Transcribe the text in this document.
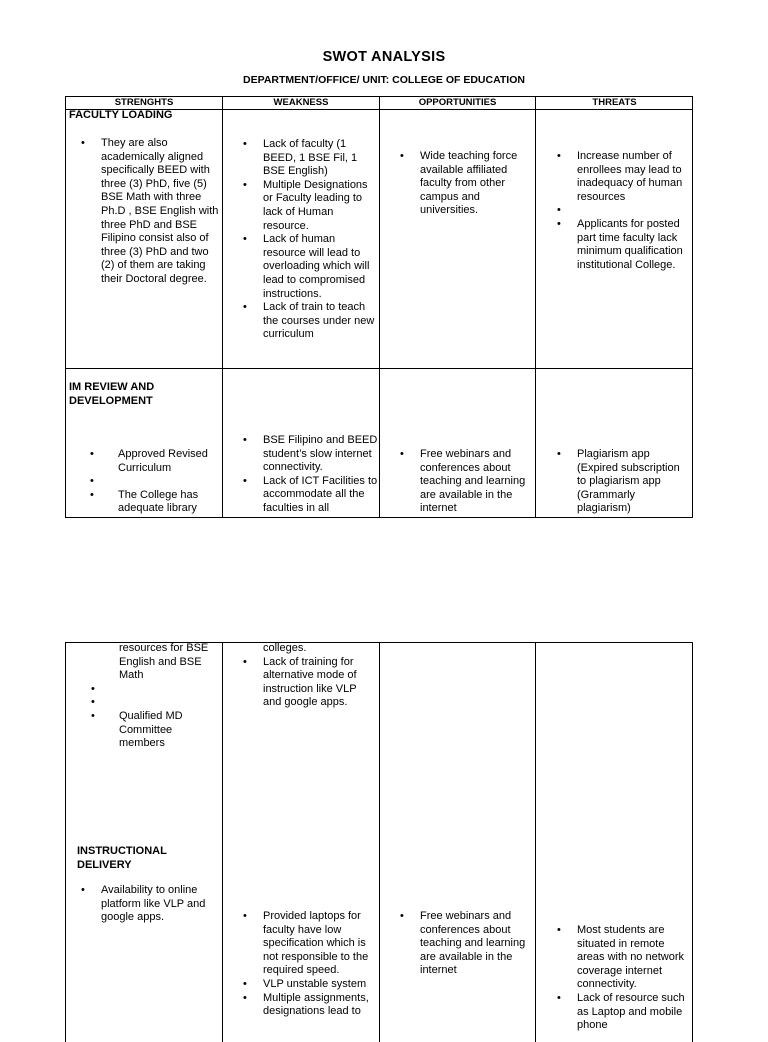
SWOT ANALYSIS
DEPARTMENT/OFFICE/ UNIT: COLLEGE OF EDUCATION
STRENGHTS	WEAKNESS	OPPORTUNITIES	THREATS
FACULTY LOADING
• They are also academically aligned specifically BEED with three (3) PhD, five (5) BSE Math with three Ph.D , BSE English with three PhD and BSE Filipino consist also of three (3) PhD and two (2) of them are taking their Doctoral degree.
• Lack of faculty (1 BEED, 1 BSE Fil, 1 BSE English)
• Multiple Designations or Faculty leading to lack of Human resource.
• Lack of human resource will lead to overloading which will lead to compromised instructions.
• Lack of train to teach the courses under new curriculum
• Wide teaching force available affiliated faculty from other campus and universities.
• Increase number of enrollees may lead to inadequacy of human resources
•
• Applicants for posted part time faculty lack minimum qualification institutional College.
IM REVIEW AND DEVELOPMENT
• Approved Revised Curriculum
•
• The College has adequate library
• BSE Filipino and BEED student’s slow internet connectivity.
• Lack of ICT Facilities to accommodate all the faculties in all
• Free webinars and conferences about teaching and learning are available in the internet
• Plagiarism app (Expired subscription to plagiarism app (Grammarly plagiarism)
resources for BSE English and BSE Math
•
•
• Qualified MD Committee members
colleges.
• Lack of training for alternative mode of instruction like VLP and google apps.
INSTRUCTIONAL DELIVERY
• Availability to online platform like VLP and google apps.
•	Provided laptops for faculty have low specification which is not responsible to the required speed.
• VLP unstable system
• Multiple assignments, designations lead to
• Free webinars and conferences about teaching and learning are available in the internet
• Most students are situated in remote areas with no network coverage internet connectivity.
• Lack of resource such as Laptop and mobile phone
